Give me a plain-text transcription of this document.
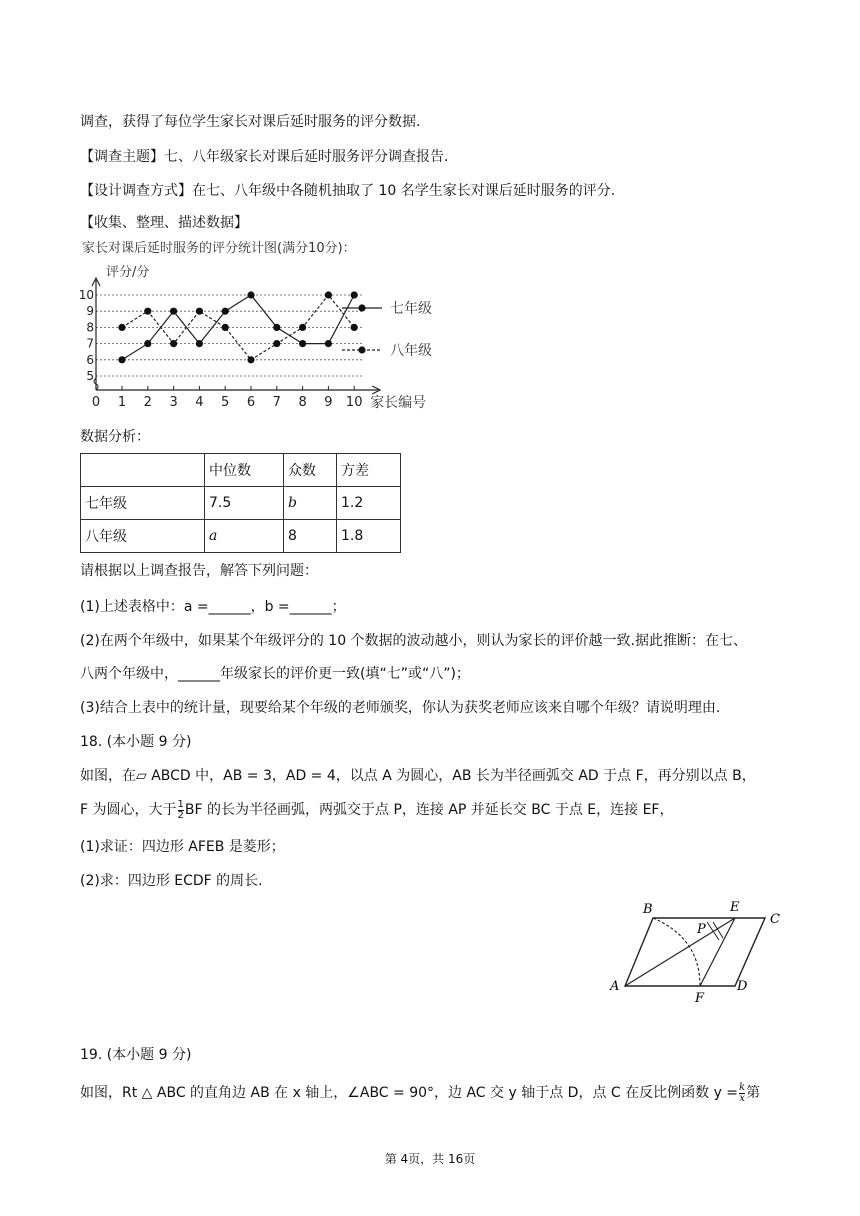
调查，获得了每位学生家长对课后延时服务的评分数据.
【调查主题】七、八年级家长对课后延时服务评分调查报告.
【设计调查方式】在七、八年级中各随机抽取了 10 名学生家长对课后延时服务的评分.
【收集、整理、描述数据】
家长对课后延时服务的评分统计图(满分10分)：
评分/分
5
6
7
8
9
10
0 1 2 3 4 5 6 7 8 9 10 家长编号
七年级
八年级
数据分析：
	中位数	众数	方差
七年级	7.5	b	1.2
八年级	a	8	1.8
请根据以上调查报告，解答下列问题：
(1)上述表格中：a =______，b =______；
(2)在两个年级中，如果某个年级评分的 10 个数据的波动越小，则认为家长的评价越一致.据此推断：在七、
八两个年级中，______年级家长的评价更一致(填“七”或“八”)；
(3)结合上表中的统计量，现要给某个年级的老师颁奖，你认为获奖老师应该来自哪个年级？请说明理由.
18. (本小题 9 分)
如图，在▱ ABCD 中，AB = 3，AD = 4，以点 A 为圆心，AB 长为半径画弧交 AD 于点 F，再分别以点 B，
F 为圆心，大于 $\frac{1}{2}$ BF 的长为半径画弧，两弧交于点 P，连接 AP 并延长交 BC 于点 E，连接 EF，
(1)求证：四边形 AFEB 是菱形；
(2)求：四边形 ECDF 的周长.
A
B	E
C
P
F
D
19. (本小题 9 分)
如图，Rt △ ABC 的直角边 AB 在 x 轴上，∠ABC = 90°，边 AC 交 y 轴于点 D，点 C 在反比例函数 $y = \frac{k}{x}$ 第
第 4页，共 16页
